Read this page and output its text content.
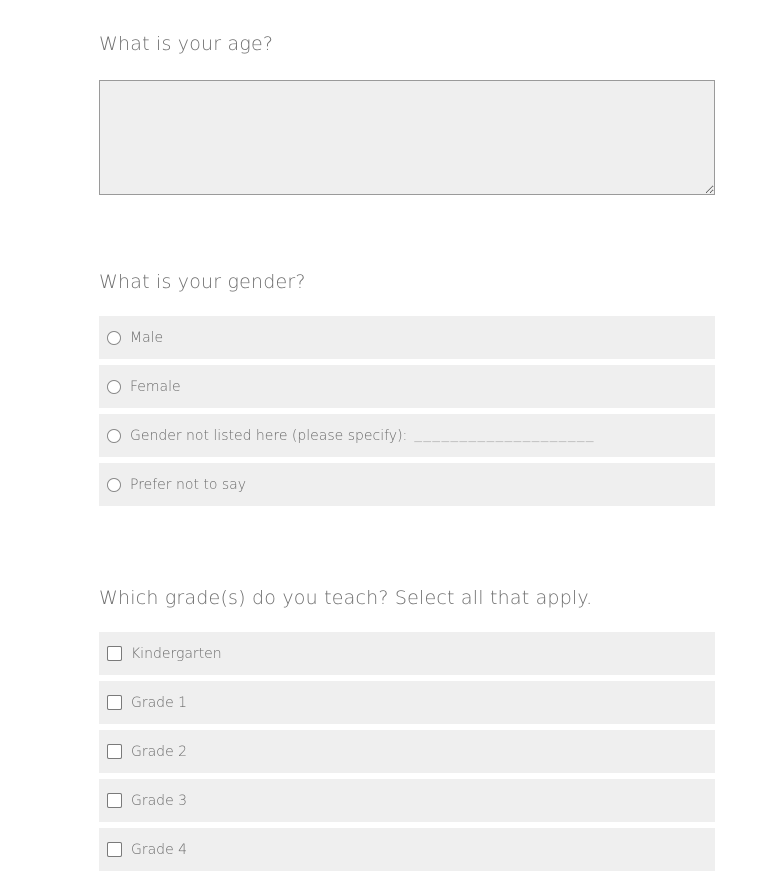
What is your age?
What is your gender?
Male
Female
Gender not listed here (please specify): ____________________
Prefer not to say
Which grade(s) do you teach? Select all that apply.
Kindergarten
Grade 1
Grade 2
Grade 3
Grade 4
